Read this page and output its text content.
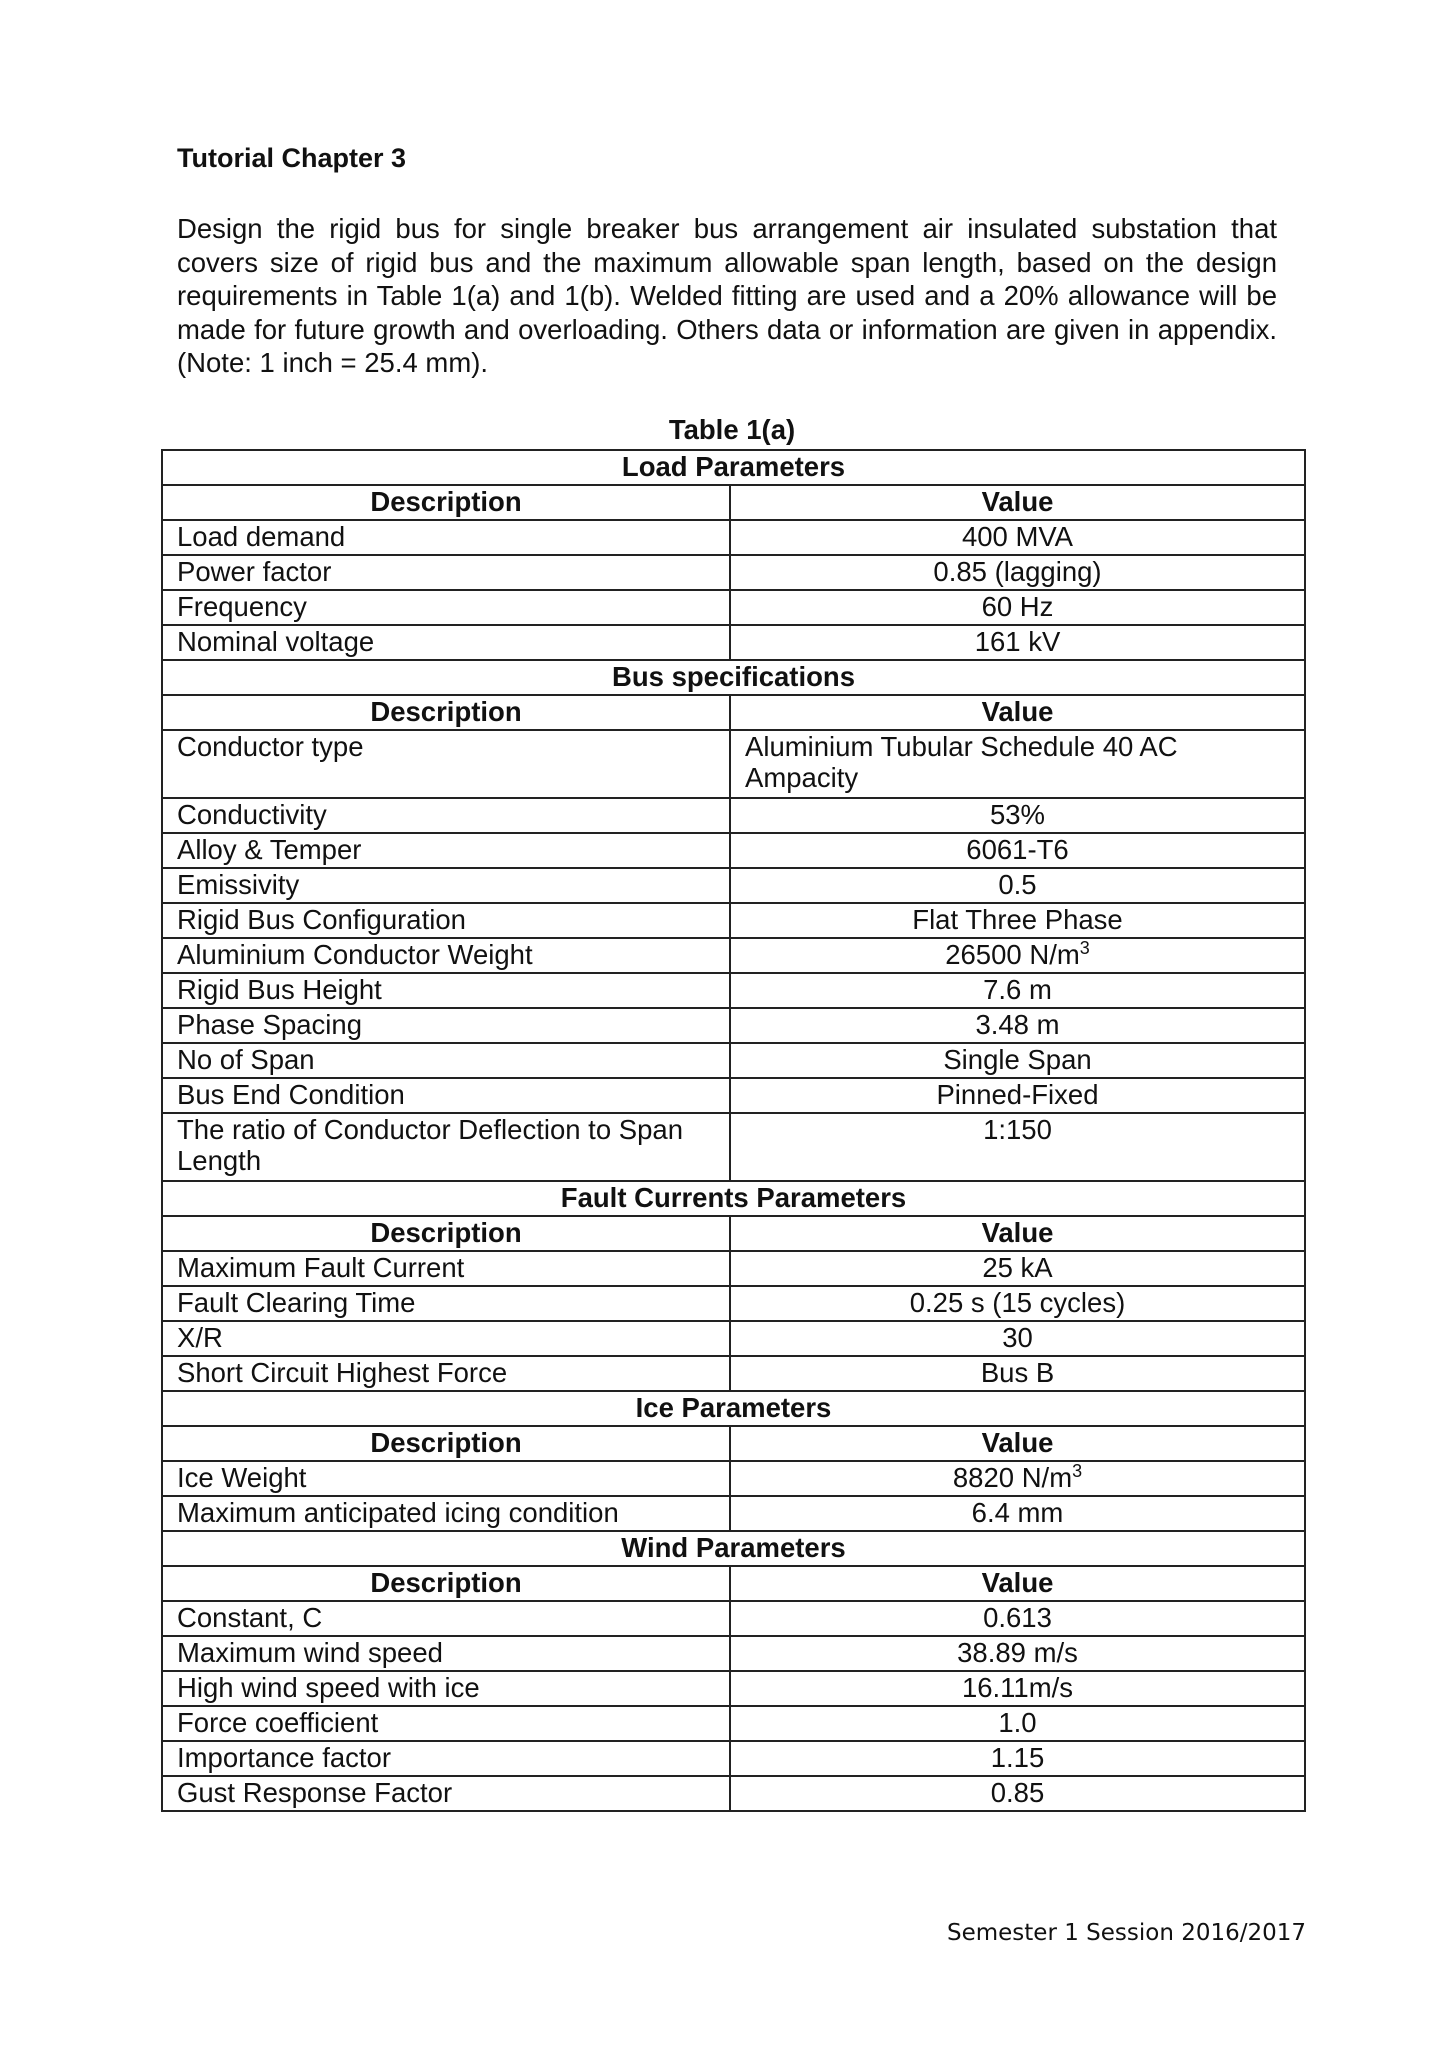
Tutorial Chapter 3

Design the rigid bus for single breaker bus arrangement air insulated substation that covers size of rigid bus and the maximum allowable span length, based on the design requirements in Table 1(a) and 1(b). Welded fitting are used and a 20% allowance will be made for future growth and overloading. Others data or information are given in appendix. (Note: 1 inch = 25.4 mm).

Table 1(a)
Load Parameters	
Description	Value
Load demand	400 MVA
Power factor	0.85 (lagging)
Frequency	60 Hz
Nominal voltage	161 kV
Bus specifications	
Description	Value
Conductor type	Aluminium Tubular Schedule 40 AC Ampacity
Conductivity	53%
Alloy & Temper	6061-T6
Emissivity	0.5
Rigid Bus Configuration	Flat Three Phase
Aluminium Conductor Weight	26500 $N/m^3$
Rigid Bus Height	7.6 m
Phase Spacing	3.48 m
No of Span	Single Span
Bus End Condition	Pinned-Fixed
The ratio of Conductor Deflection to Span Length	1:150
Fault Currents Parameters	
Description	Value
Maximum Fault Current	25 kA
Fault Clearing Time	0.25 s (15 cycles)
X/R	30
Short Circuit Highest Force	Bus B
Ice Parameters	
Description	Value
Ice Weight	8820 $N/m^3$
Maximum anticipated icing condition	6.4 mm
Wind Parameters	
Description	Value
Constant, C	0.613
Maximum wind speed	38.89 m/s
High wind speed with ice	16.11m/s
Force coefficient	1.0
Importance factor	1.15
Gust Response Factor	0.85
Semester 1 Session 2016/2017
